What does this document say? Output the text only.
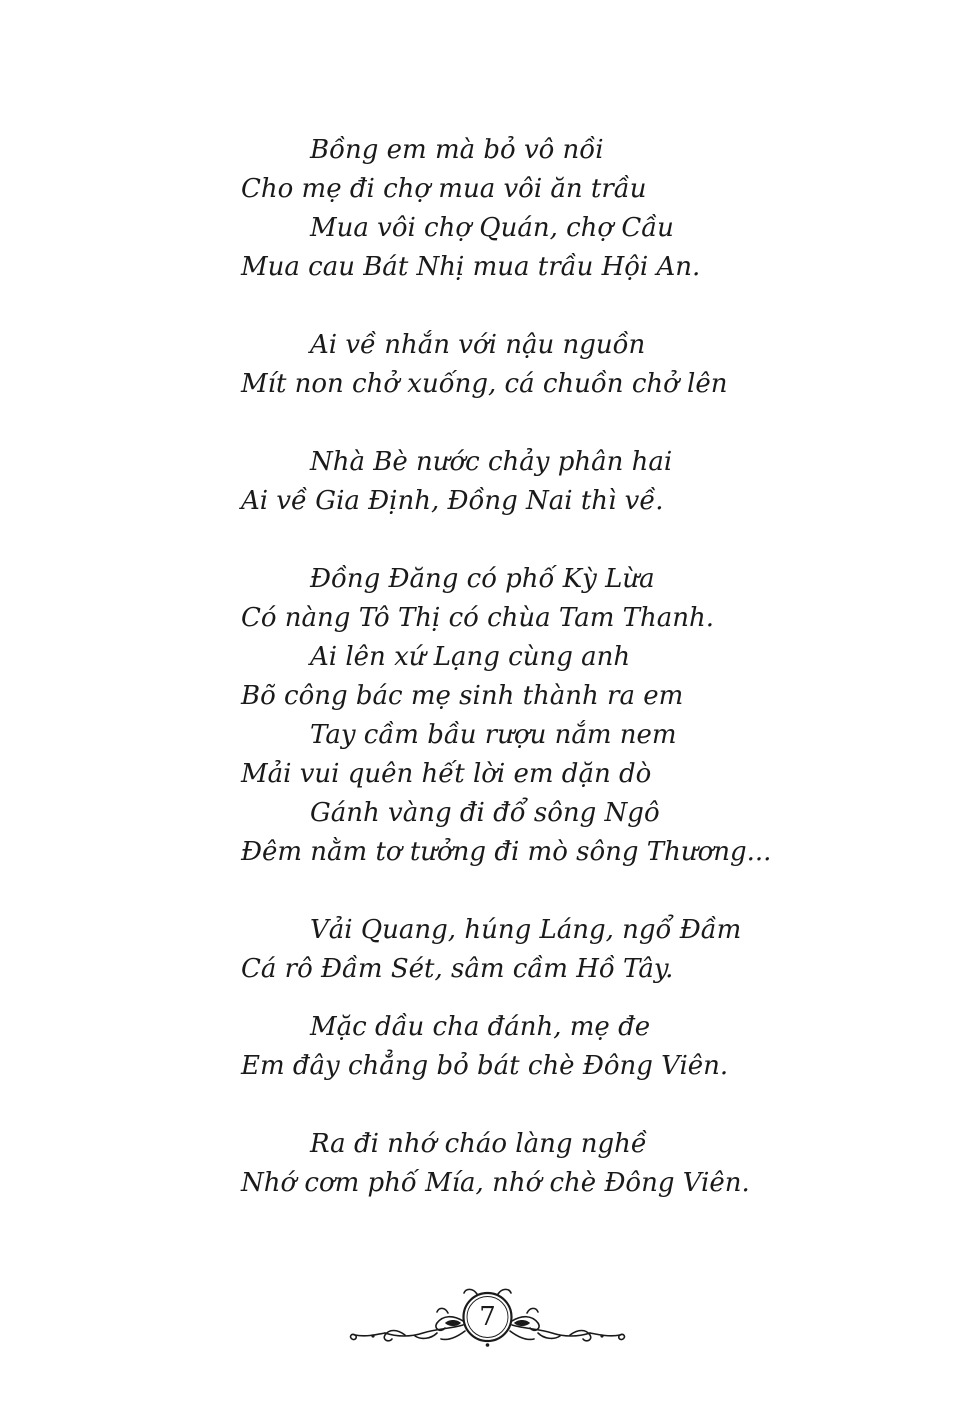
Bồng em mà bỏ vô nồi
Cho mẹ đi chợ mua vôi ăn trầu
Mua vôi chợ Quán, chợ Cầu
Mua cau Bát Nhị mua trầu Hội An.
Ai về nhắn với nậu nguồn
Mít non chở xuống, cá chuồn chở lên
Nhà Bè nước chảy phân hai
Ai về Gia Định, Đồng Nai thì về.
Đồng Đăng có phố Kỳ Lừa
Có nàng Tô Thị có chùa Tam Thanh.
Ai lên xứ Lạng cùng anh
Bõ công bác mẹ sinh thành ra em
Tay cầm bầu rượu nắm nem
Mải vui quên hết lời em dặn dò
Gánh vàng đi đổ sông Ngô
Đêm nằm tơ tưởng đi mò sông Thương...
Vải Quang, húng Láng, ngổ Đầm
Cá rô Đầm Sét, sâm cầm Hồ Tây.
Mặc dầu cha đánh, mẹ đe
Em đây chẳng bỏ bát chè Đông Viên.
Ra đi nhớ cháo làng nghề
Nhớ cơm phố Mía, nhớ chè Đông Viên.
7
